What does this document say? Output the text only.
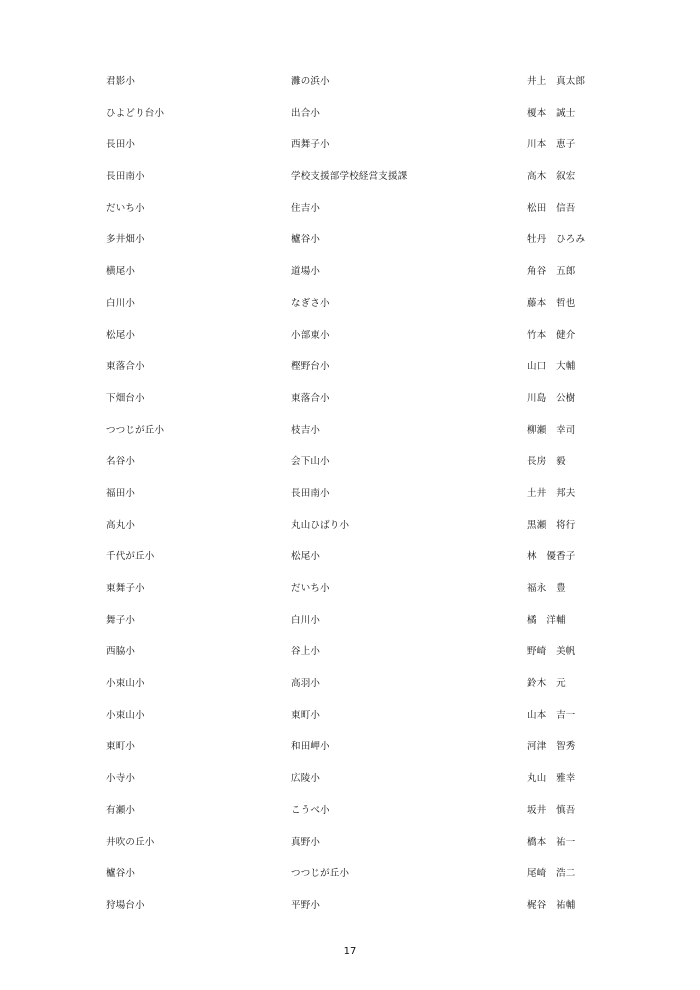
君影小	灘の浜小	井上　真太郎
ひよどり台小	出合小	榎本　誠士
長田小	西舞子小	川本　恵子
長田南小	学校支援部学校経営支援課	高木　叙宏
だいち小	住吉小	松田　信吾
多井畑小	櫨谷小	牡丹　ひろみ
横尾小	道場小	角谷　五郎
白川小	なぎさ小	藤本　哲也
松尾小	小部東小	竹本　健介
東落合小	樫野台小	山口　大輔
下畑台小	東落合小	川島　公樹
つつじが丘小	枝吉小	柳瀬　幸司
名谷小	会下山小	長房　毅
福田小	長田南小	土井　邦夫
高丸小	丸山ひばり小	黒瀬　将行
千代が丘小	松尾小	林　優香子
東舞子小	だいち小	福永　豊
舞子小	白川小	橘　洋輔
西脇小	谷上小	野崎　美帆
小束山小	高羽小	鈴木　元
小束山小	東町小	山本　吉一
東町小	和田岬小	河津　智秀
小寺小	広陵小	丸山　雅幸
有瀬小	こうべ小	坂井　慎吾
井吹の丘小	真野小	橋本　祐一
櫨谷小	つつじが丘小	尾崎　浩二
狩場台小	平野小	梶谷　祐輔
17
